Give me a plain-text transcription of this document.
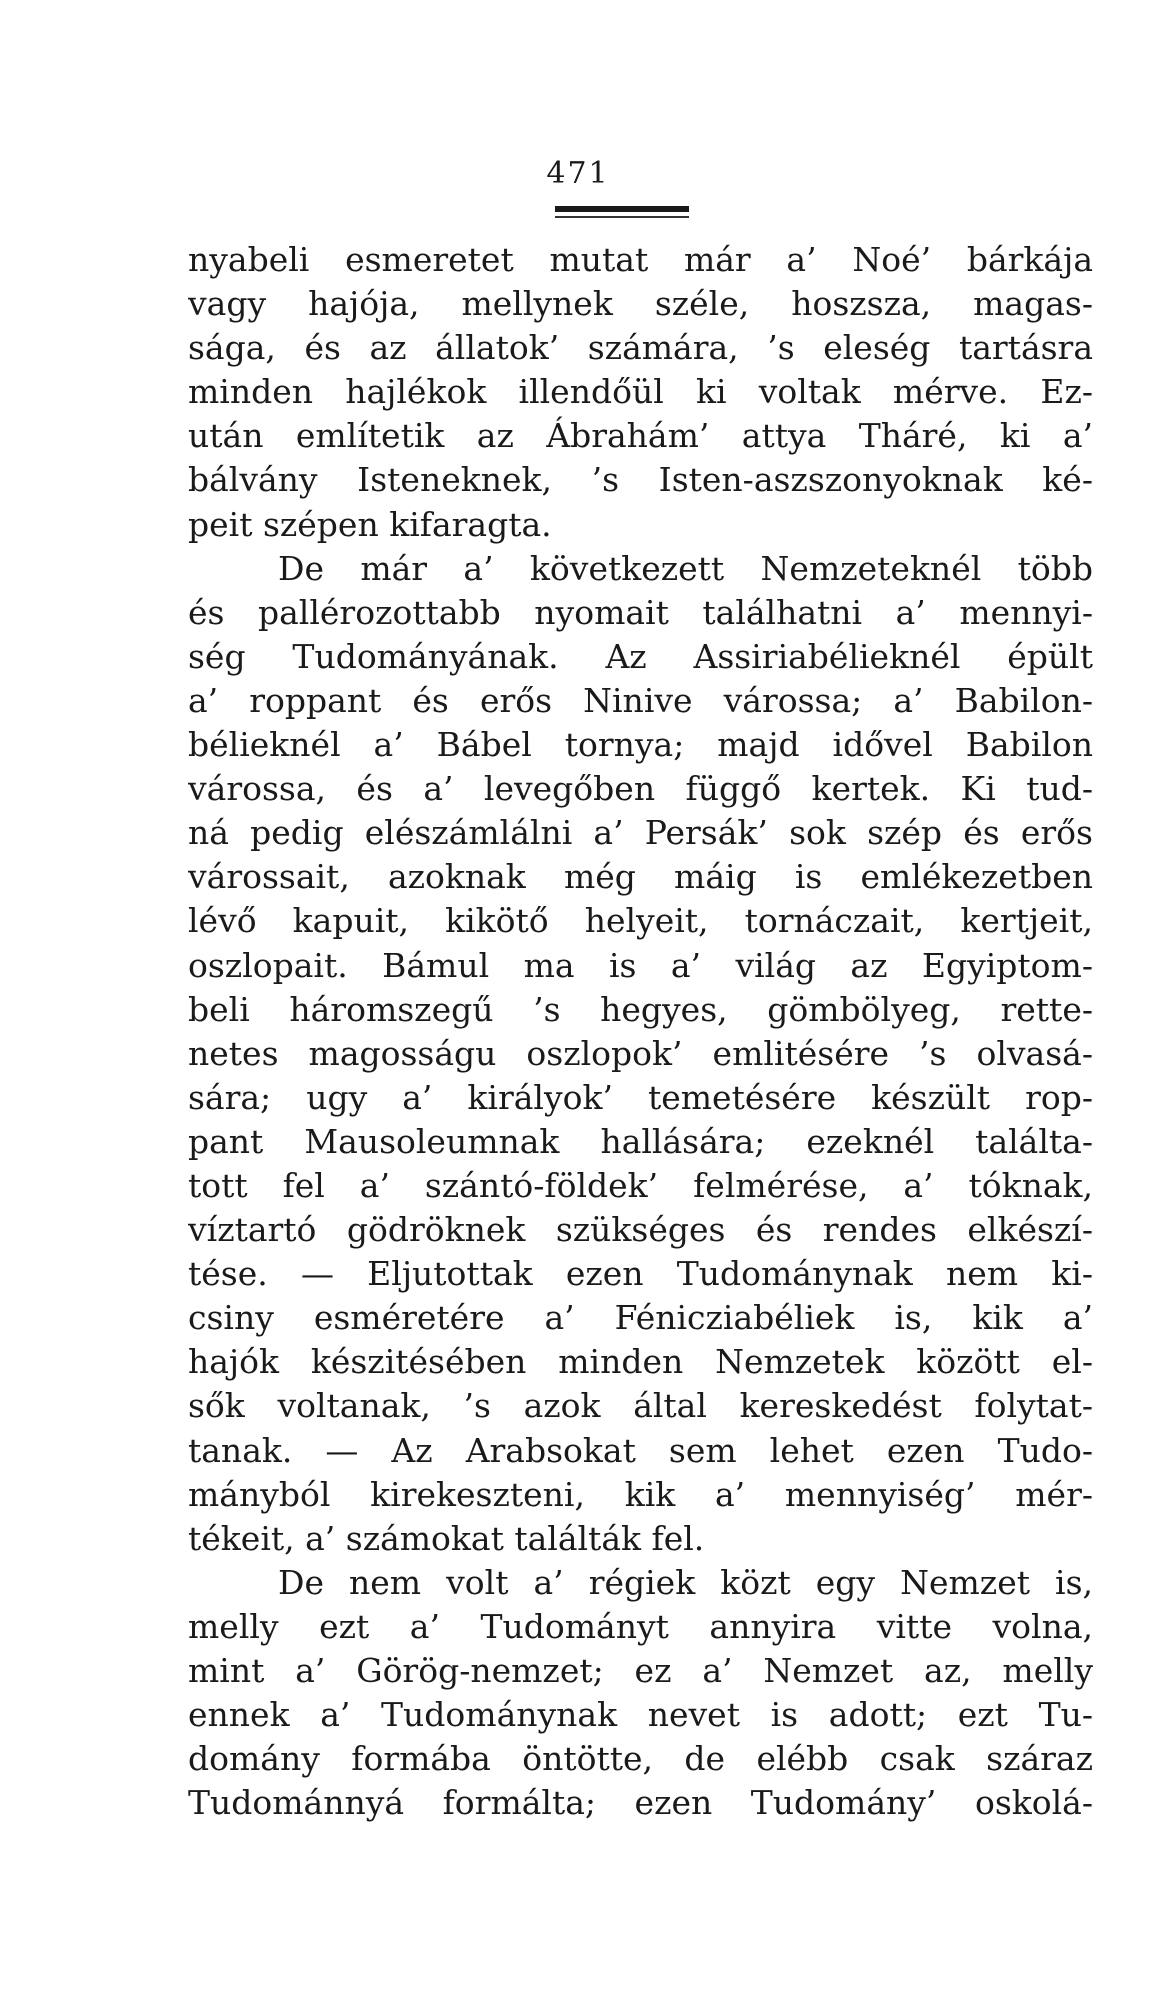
471
nyabeli esmeretet mutat már a’ Noé’ bárkája
vagy hajója, mellynek széle, hoszsza, magas-
sága, és az állatok’ számára, ’s eleség tartásra
minden hajlékok illendőül ki voltak mérve. Ez-
után említetik az Ábrahám’ attya Tháré, ki a’
bálvány Isteneknek, ’s Isten-aszszonyoknak ké-
peit szépen kifaragta.
De már a’ következett Nemzeteknél több
és pallérozottabb nyomait találhatni a’ mennyi-
ség Tudományának. Az Assiriabélieknél épült
a’ roppant és erős Ninive várossa; a’ Babilon-
bélieknél a’ Bábel tornya; majd idővel Babilon
várossa, és a’ levegőben függő kertek. Ki tud-
ná pedig elészámlálni a’ Persák’ sok szép és erős
várossait, azoknak még máig is emlékezetben
lévő kapuit, kikötő helyeit, tornáczait, kertjeit,
oszlopait. Bámul ma is a’ világ az Egyiptom-
beli háromszegű ’s hegyes, gömbölyeg, rette-
netes magosságu oszlopok’ emlitésére ’s olvasá-
sára; ugy a’ királyok’ temetésére készült rop-
pant Mausoleumnak hallására; ezeknél találta-
tott fel a’ szántó-földek’ felmérése, a’ tóknak,
víztartó gödröknek szükséges és rendes elkészí-
tése. — Eljutottak ezen Tudománynak nem ki-
csiny esméretére a’ Fénicziabéliek is, kik a’
hajók készitésében minden Nemzetek között el-
sők voltanak, ’s azok által kereskedést folytat-
tanak. — Az Arabsokat sem lehet ezen Tudo-
mányból kirekeszteni, kik a’ mennyiség’ mér-
tékeit, a’ számokat találták fel.
De nem volt a’ régiek közt egy Nemzet is,
melly ezt a’ Tudományt annyira vitte volna,
mint a’ Görög-nemzet; ez a’ Nemzet az, melly
ennek a’ Tudománynak nevet is adott; ezt Tu-
domány formába öntötte, de elébb csak száraz
Tudománnyá formálta; ezen Tudomány’ oskolá-
